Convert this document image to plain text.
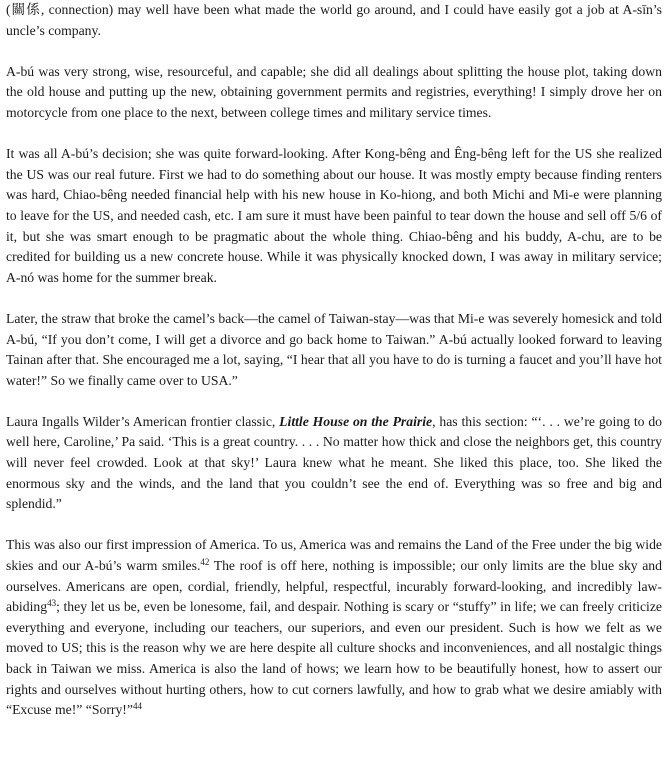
(關係, connection) may well have been what made the world go around, and I could have easily got a job at A-sīn’s uncle’s company.

A-bú was very strong, wise, resourceful, and capable; she did all dealings about splitting the house plot, taking down the old house and putting up the new, obtaining government permits and registries, everything! I simply drove her on motorcycle from one place to the next, between college times and military service times.

It was all A-bú’s decision; she was quite forward-looking. After Kong-bêng and Êng-bêng left for the US she realized the US was our real future. First we had to do something about our house. It was mostly empty because finding renters was hard, Chiao-bêng needed financial help with his new house in Ko-hiong, and both Michi and Mi-e were planning to leave for the US, and needed cash, etc. I am sure it must have been painful to tear down the house and sell off 5/6 of it, but she was smart enough to be pragmatic about the whole thing. Chiao-bêng and his buddy, A-chu, are to be credited for building us a new concrete house. While it was physically knocked down, I was away in military service; A-nó was home for the summer break.

Later, the straw that broke the camel’s back—the camel of Taiwan-stay—was that Mi-e was severely homesick and told A-bú, “If you don’t come, I will get a divorce and go back home to Taiwan.” A-bú actually looked forward to leaving Tainan after that. She encouraged me a lot, saying, “I hear that all you have to do is turning a faucet and you’ll have hot water!” So we finally came over to USA.”

Laura Ingalls Wilder’s American frontier classic, Little House on the Prairie, has this section: “‘. . . we’re going to do well here, Caroline,’ Pa said. ‘This is a great country. . . . No matter how thick and close the neighbors get, this country will never feel crowded. Look at that sky!’ Laura knew what he meant. She liked this place, too. She liked the enormous sky and the winds, and the land that you couldn’t see the end of. Everything was so free and big and splendid.”

This was also our first impression of America. To us, America was and remains the Land of the Free under the big wide skies and our A-bú’s warm smiles.$^{42}$ The roof is off here, nothing is impossible; our only limits are the blue sky and ourselves. Americans are open, cordial, friendly, helpful, respectful, incurably forward-looking, and incredibly law-abiding$^{43}$; they let us be, even be lonesome, fail, and despair. Nothing is scary or “stuffy” in life; we can freely criticize everything and everyone, including our teachers, our superiors, and even our president. Such is how we felt as we moved to US; this is the reason why we are here despite all culture shocks and inconveniences, and all nostalgic things back in Taiwan we miss. America is also the land of hows; we learn how to be beautifully honest, how to assert our rights and ourselves without hurting others, how to cut corners lawfully, and how to grab what we desire amiably with “Excuse me!” “Sorry!”$^{44}$
